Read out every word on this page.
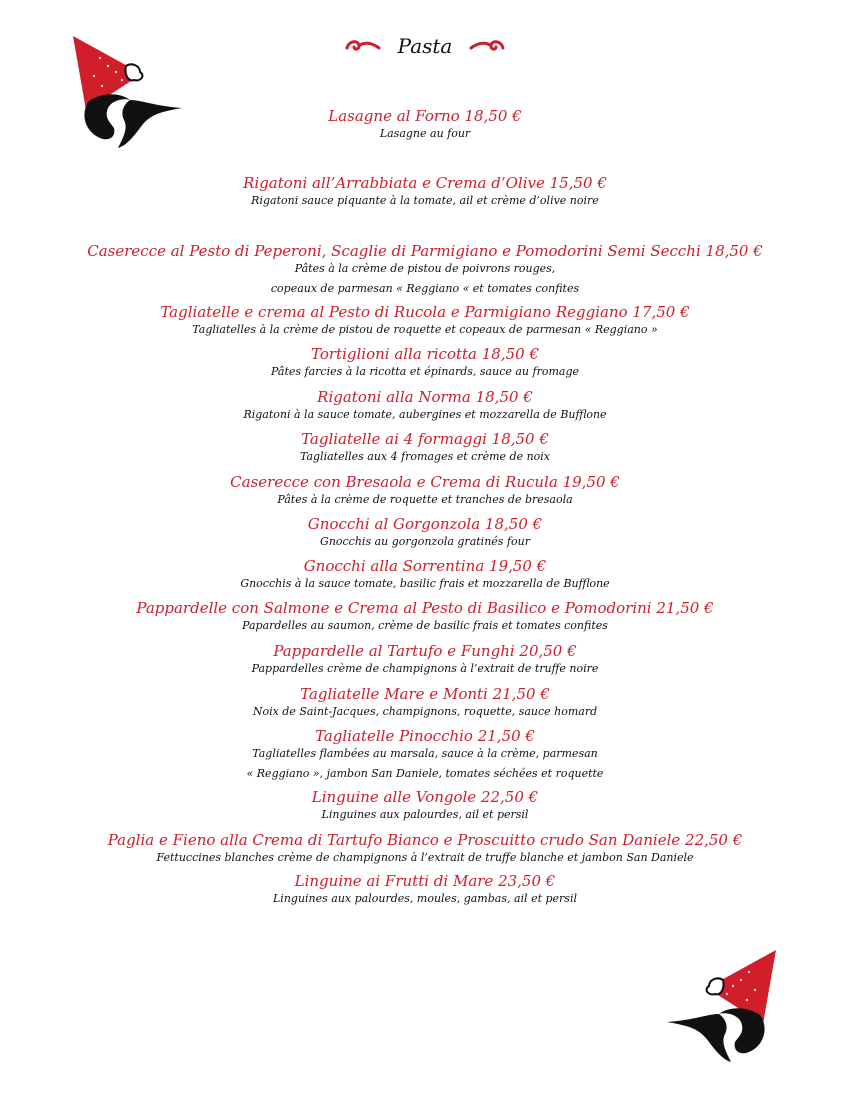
Pasta
Lasagne al Forno 18,50 €
Lasagne au four
Rigatoni all’Arrabbiata e Crema d’Olive 15,50 €
Rigatoni sauce piquante à la tomate, ail et crème d’olive noire
Caserecce al Pesto di Peperoni, Scaglie di Parmigiano e Pomodorini Semi Secchi 18,50 €
Pâtes à la crème de pistou de poivrons rouges,
copeaux de parmesan « Reggiano « et tomates confites
Tagliatelle e crema al Pesto di Rucola e Parmigiano Reggiano 17,50 €
Tagliatelles à la crème de pistou de roquette et copeaux de parmesan « Reggiano »
Tortiglioni alla ricotta 18,50 €
Pâtes farcies à la ricotta et épinards, sauce au fromage
Rigatoni alla Norma 18,50 €
Rigatoni à la sauce tomate, aubergines et mozzarella de Bufflone
Tagliatelle ai 4 formaggi 18,50 €
Tagliatelles aux 4 fromages et crème de noix
Caserecce con Bresaola e Crema di Rucula 19,50 €
Pâtes à la crème de roquette et tranches de bresaola
Gnocchi al Gorgonzola 18,50 €
Gnocchis au gorgonzola gratinés four
Gnocchi alla Sorrentina 19,50 €
Gnocchis à la sauce tomate, basilic frais et mozzarella de Bufflone
Pappardelle con Salmone e Crema al Pesto di Basilico e Pomodorini 21,50 €
Papardelles au saumon, crème de basilic frais et tomates confites
Pappardelle al Tartufo e Funghi 20,50 €
Pappardelles crème de champignons à l’extrait de truffe noire
Tagliatelle Mare e Monti 21,50 €
Noix de Saint-Jacques, champignons, roquette, sauce homard
Tagliatelle Pinocchio 21,50 €
Tagliatelles flambées au marsala, sauce à la crème, parmesan
« Reggiano », jambon San Daniele, tomates séchées et roquette
Linguine alle Vongole 22,50 €
Linguines aux palourdes, ail et persil
Paglia e Fieno alla Crema di Tartufo Bianco e Proscuitto crudo San Daniele 22,50 €
Fettuccines blanches crème de champignons à l’extrait de truffe blanche et jambon San Daniele
Linguine ai Frutti di Mare 23,50 €
Linguines aux palourdes, moules, gambas, ail et persil
